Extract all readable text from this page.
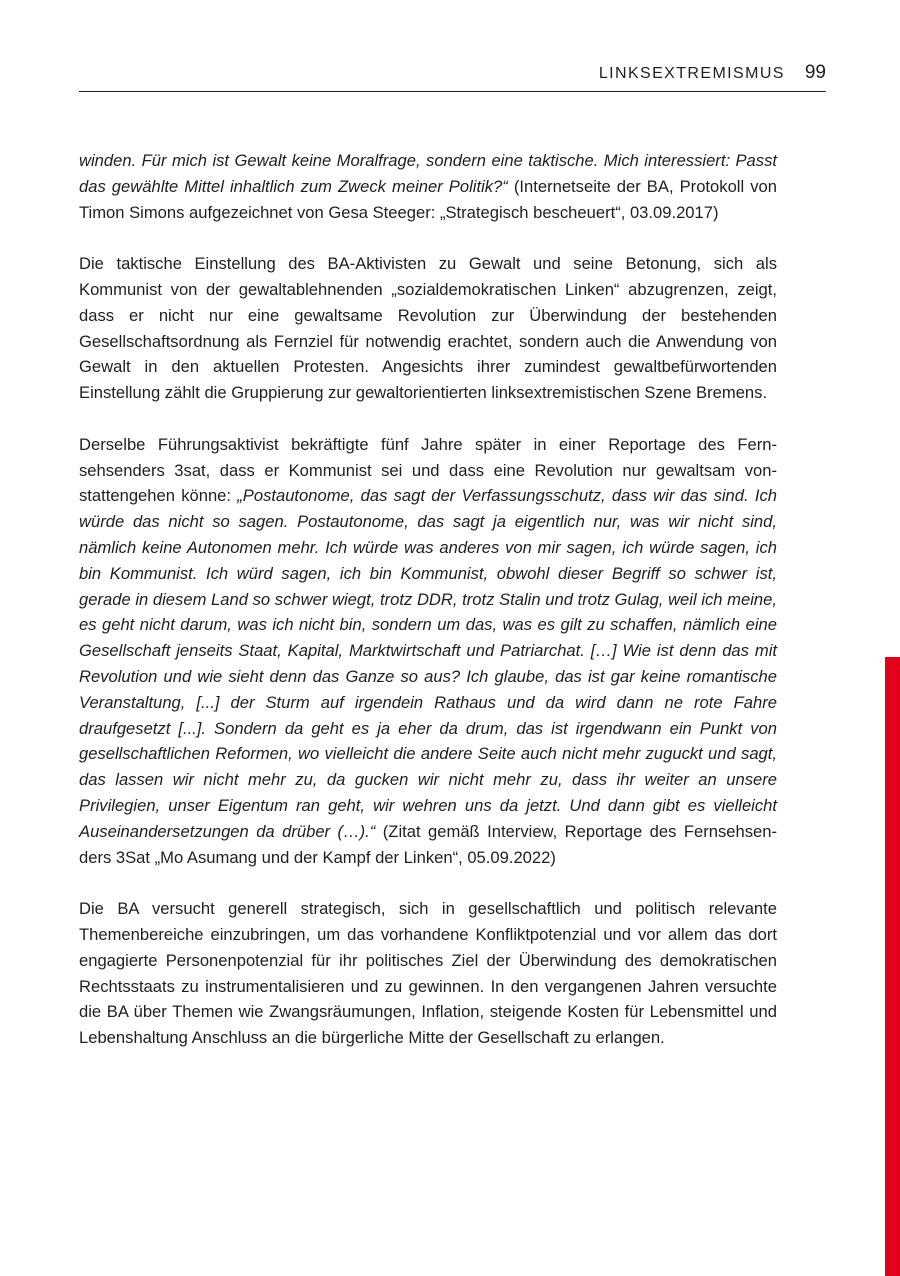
LINKSEXTREMISMUS 99

winden. Für mich ist Gewalt keine Moralfrage, sondern eine taktische. Mich interessiert: Passt das gewählte Mittel inhaltlich zum Zweck meiner Politik?“ (Internetseite der BA, Protokoll von Timon Simons aufgezeichnet von Gesa Steeger: „Strategisch bescheuert“, 03.09.2017)

Die taktische Einstellung des BA-Aktivisten zu Gewalt und seine Betonung, sich als Kommunist von der gewaltablehnenden „sozialdemokratischen Linken“ abzugrenzen, zeigt, dass er nicht nur eine gewaltsame Revolution zur Überwindung der bestehenden Gesellschaftsordnung als Fernziel für notwendig erachtet, sondern auch die Anwendung von Gewalt in den aktuellen Protesten. Angesichts ihrer zumindest gewaltbefürwortenden Einstellung zählt die Gruppierung zur gewaltorientierten linksextremistischen Szene Bremens.

Derselbe Führungsaktivist bekräftigte fünf Jahre später in einer Reportage des Fernsehsenders 3sat, dass er Kommunist sei und dass eine Revolution nur gewaltsam vonstattengehen könne: „Postautonome, das sagt der Verfassungsschutz, dass wir das sind. Ich würde das nicht so sagen. Postautonome, das sagt ja eigentlich nur, was wir nicht sind, nämlich keine Autonomen mehr. Ich würde was anderes von mir sagen, ich würde sagen, ich bin Kommunist. Ich würd sagen, ich bin Kommunist, obwohl dieser Begriff so schwer ist, gerade in diesem Land so schwer wiegt, trotz DDR, trotz Stalin und trotz Gulag, weil ich meine, es geht nicht darum, was ich nicht bin, sondern um das, was es gilt zu schaffen, nämlich eine Gesellschaft jenseits Staat, Kapital, Marktwirtschaft und Patriarchat. […] Wie ist denn das mit Revolution und wie sieht denn das Ganze so aus? Ich glaube, das ist gar keine romantische Veranstaltung, [...] der Sturm auf irgendein Rathaus und da wird dann ne rote Fahre draufgesetzt [...]. Sondern da geht es ja eher da drum, das ist irgendwann ein Punkt von gesellschaftlichen Reformen, wo vielleicht die andere Seite auch nicht mehr zuguckt und sagt, das lassen wir nicht mehr zu, da gucken wir nicht mehr zu, dass ihr weiter an unsere Privilegien, unser Eigentum ran geht, wir wehren uns da jetzt. Und dann gibt es vielleicht Auseinandersetzungen da drüber (…).“ (Zitat gemäß Interview, Reportage des Fernsehsenders 3Sat „Mo Asumang und der Kampf der Linken“, 05.09.2022)

Die BA versucht generell strategisch, sich in gesellschaftlich und politisch relevante Themenbereiche einzubringen, um das vorhandene Konfliktpotenzial und vor allem das dort engagierte Personenpotenzial für ihr politisches Ziel der Überwindung des demokratischen Rechtsstaats zu instrumentalisieren und zu gewinnen. In den vergangenen Jahren versuchte die BA über Themen wie Zwangsräumungen, Inflation, steigende Kosten für Lebensmittel und Lebenshaltung Anschluss an die bürgerliche Mitte der Gesellschaft zu erlangen.
